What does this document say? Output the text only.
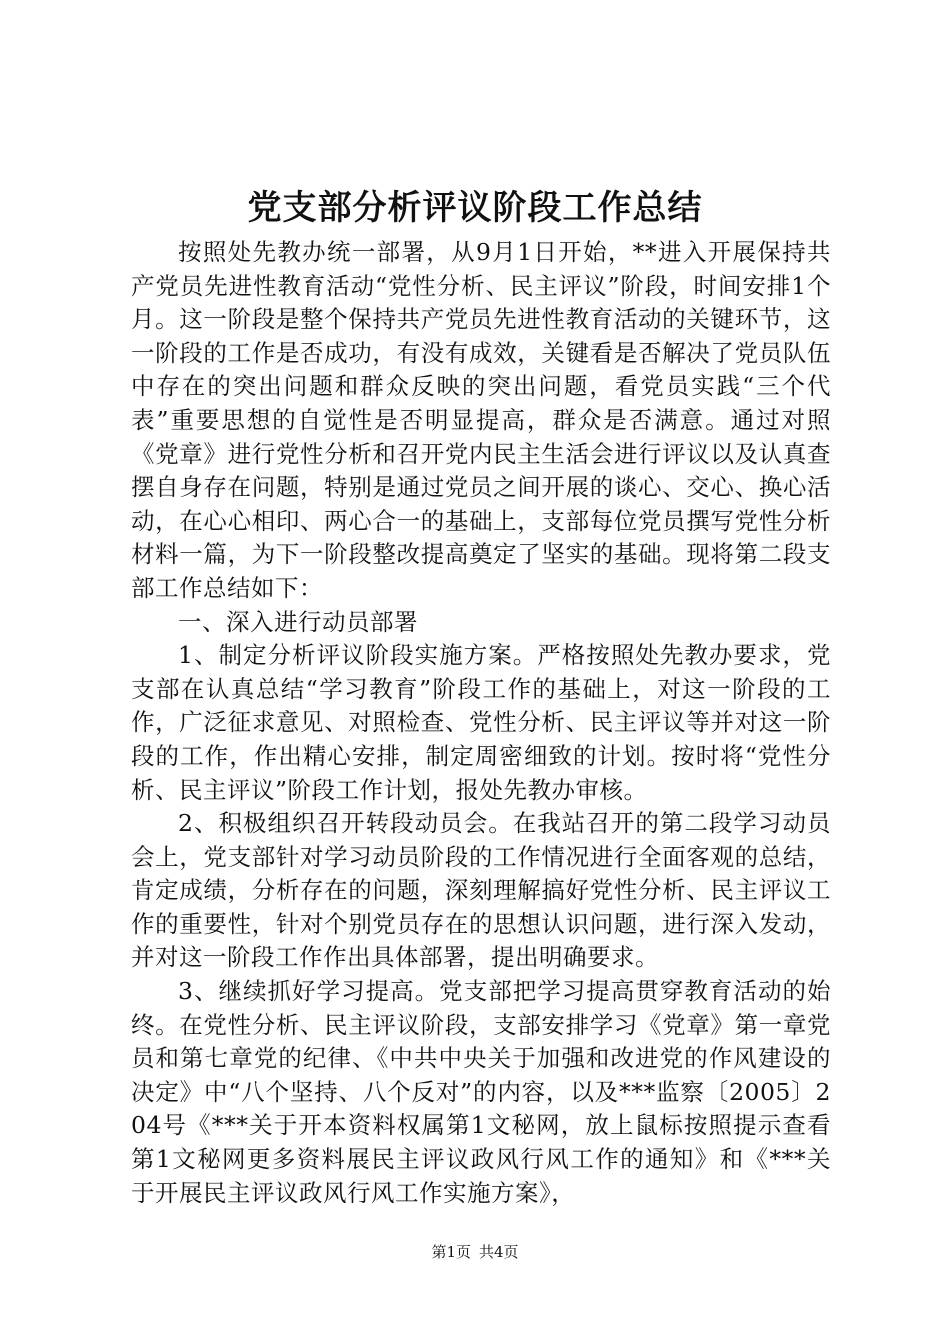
党支部分析评议阶段工作总结

按照处先教办统一部署，从9月1日开始，**进入开展保持共产党员先进性教育活动“党性分析、民主评议”阶段，时间安排1个月。这一阶段是整个保持共产党员先进性教育活动的关键环节，这一阶段的工作是否成功，有没有成效，关键看是否解决了党员队伍中存在的突出问题和群众反映的突出问题，看党员实践“三个代表”重要思想的自觉性是否明显提高，群众是否满意。通过对照《党章》进行党性分析和召开党内民主生活会进行评议以及认真查摆自身存在问题，特别是通过党员之间开展的谈心、交心、换心活动，在心心相印、两心合一的基础上，支部每位党员撰写党性分析材料一篇，为下一阶段整改提高奠定了坚实的基础。现将第二段支部工作总结如下：

一、深入进行动员部署

1、制定分析评议阶段实施方案。严格按照处先教办要求，党支部在认真总结“学习教育”阶段工作的基础上，对这一阶段的工作，广泛征求意见、对照检查、党性分析、民主评议等并对这一阶段的工作，作出精心安排，制定周密细致的计划。按时将“党性分析、民主评议”阶段工作计划，报处先教办审核。

2、积极组织召开转段动员会。在我站召开的第二段学习动员会上，党支部针对学习动员阶段的工作情况进行全面客观的总结，肯定成绩，分析存在的问题，深刻理解搞好党性分析、民主评议工作的重要性，针对个别党员存在的思想认识问题，进行深入发动，并对这一阶段工作作出具体部署，提出明确要求。

3、继续抓好学习提高。党支部把学习提高贯穿教育活动的始终。在党性分析、民主评议阶段，支部安排学习《党章》第一章党员和第七章党的纪律、《中共中央关于加强和改进党的作风建设的决定》中“八个坚持、八个反对”的内容，以及***监察〔2005〕204号《***关于开本资料权属第1文秘网，放上鼠标按照提示查看第1文秘网更多资料展民主评议政风行风工作的通知》和《***关于开展民主评议政风行风工作实施方案》，

第1页 共4页
